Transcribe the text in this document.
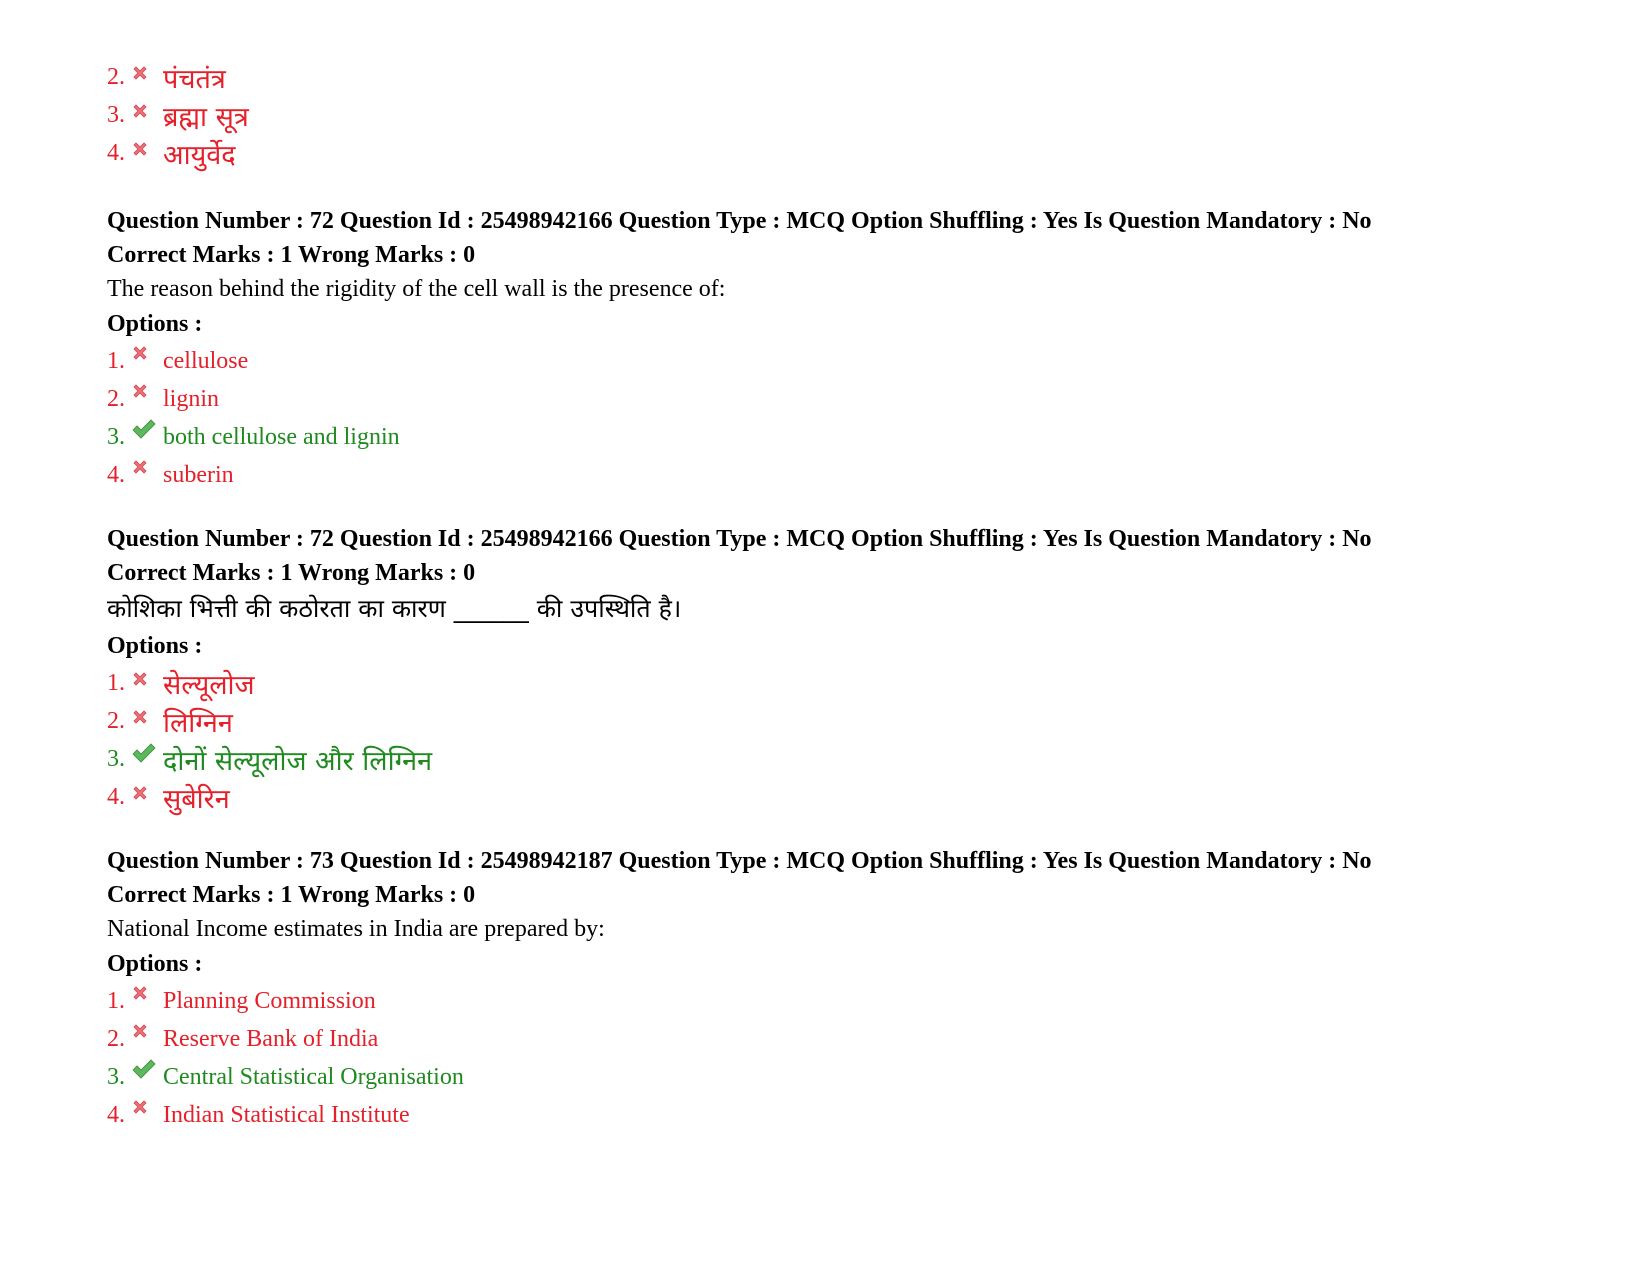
2. पंचतंत्र
3. ब्रह्मा सूत्र
4. आयुर्वेद
Question Number : 72 Question Id : 25498942166 Question Type : MCQ Option Shuffling : Yes Is Question Mandatory : No
Correct Marks : 1 Wrong Marks : 0
The reason behind the rigidity of the cell wall is the presence of:
Options :
1. cellulose
2. lignin
3. both cellulose and lignin
4. suberin
Question Number : 72 Question Id : 25498942166 Question Type : MCQ Option Shuffling : Yes Is Question Mandatory : No
Correct Marks : 1 Wrong Marks : 0
कोशिका भित्ती की कठोरता का कारण ______ की उपस्थिति है।
Options :
1. सेल्यूलोज
2. लिग्निन
3. दोनों सेल्यूलोज और लिग्निन
4. सुबेरिन
Question Number : 73 Question Id : 25498942187 Question Type : MCQ Option Shuffling : Yes Is Question Mandatory : No
Correct Marks : 1 Wrong Marks : 0
National Income estimates in India are prepared by:
Options :
1. Planning Commission
2. Reserve Bank of India
3. Central Statistical Organisation
4. Indian Statistical Institute
